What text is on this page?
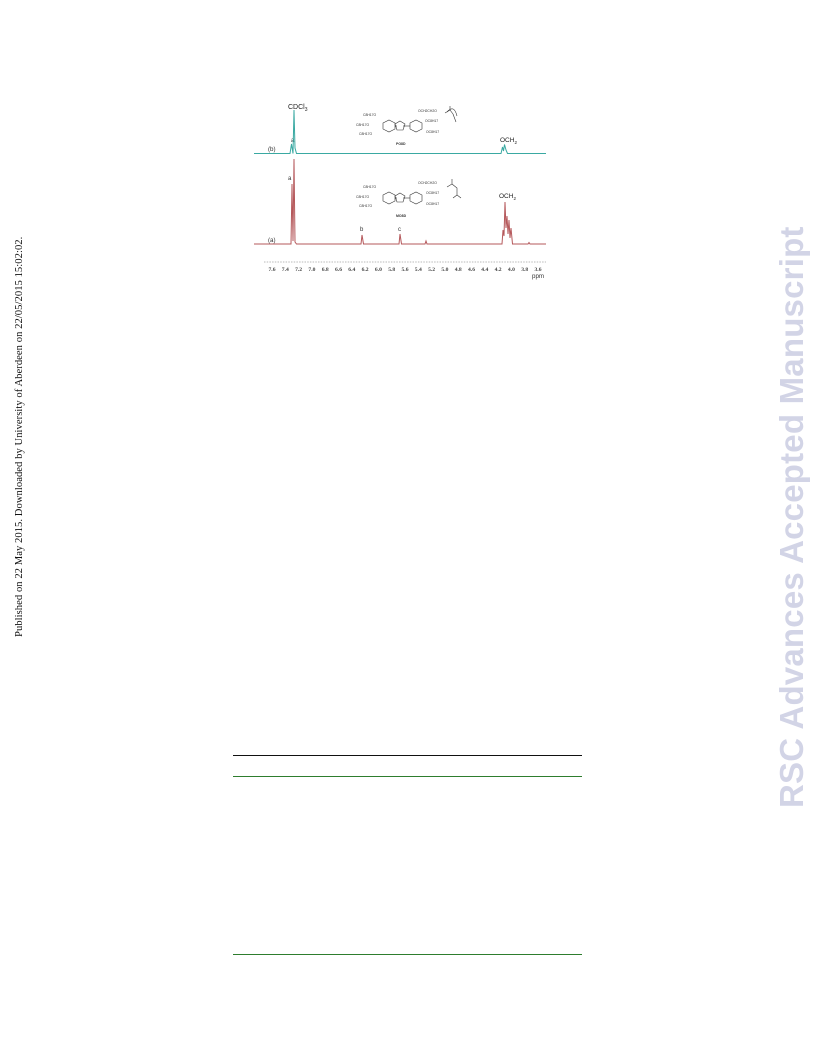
Published on 22 May 2015. Downloaded by University of Aberdeen on 22/05/2015 15:02:02.	RSC Advances Accepted Manuscript
(b)
CDCl$_3$
a	$OCH_2$
C8H17O
C8H17O
C8H17O
OCH2CH2O
OC8H17
OC8H17
PO8D
(a)
a
b	c
$OCH_2$
C8H17O
C8H17O
C8H17O
OCH2CH2O
OC8H17
OC8H17
MO8D
7.6 7.4 7.2 7.0 6.8 6.6 6.4 6.2 6.0 5.8 5.6 5.4 5.2 5.0 4.8 4.6 4.4 4.2 4.0 3.8 3.6
ppm
